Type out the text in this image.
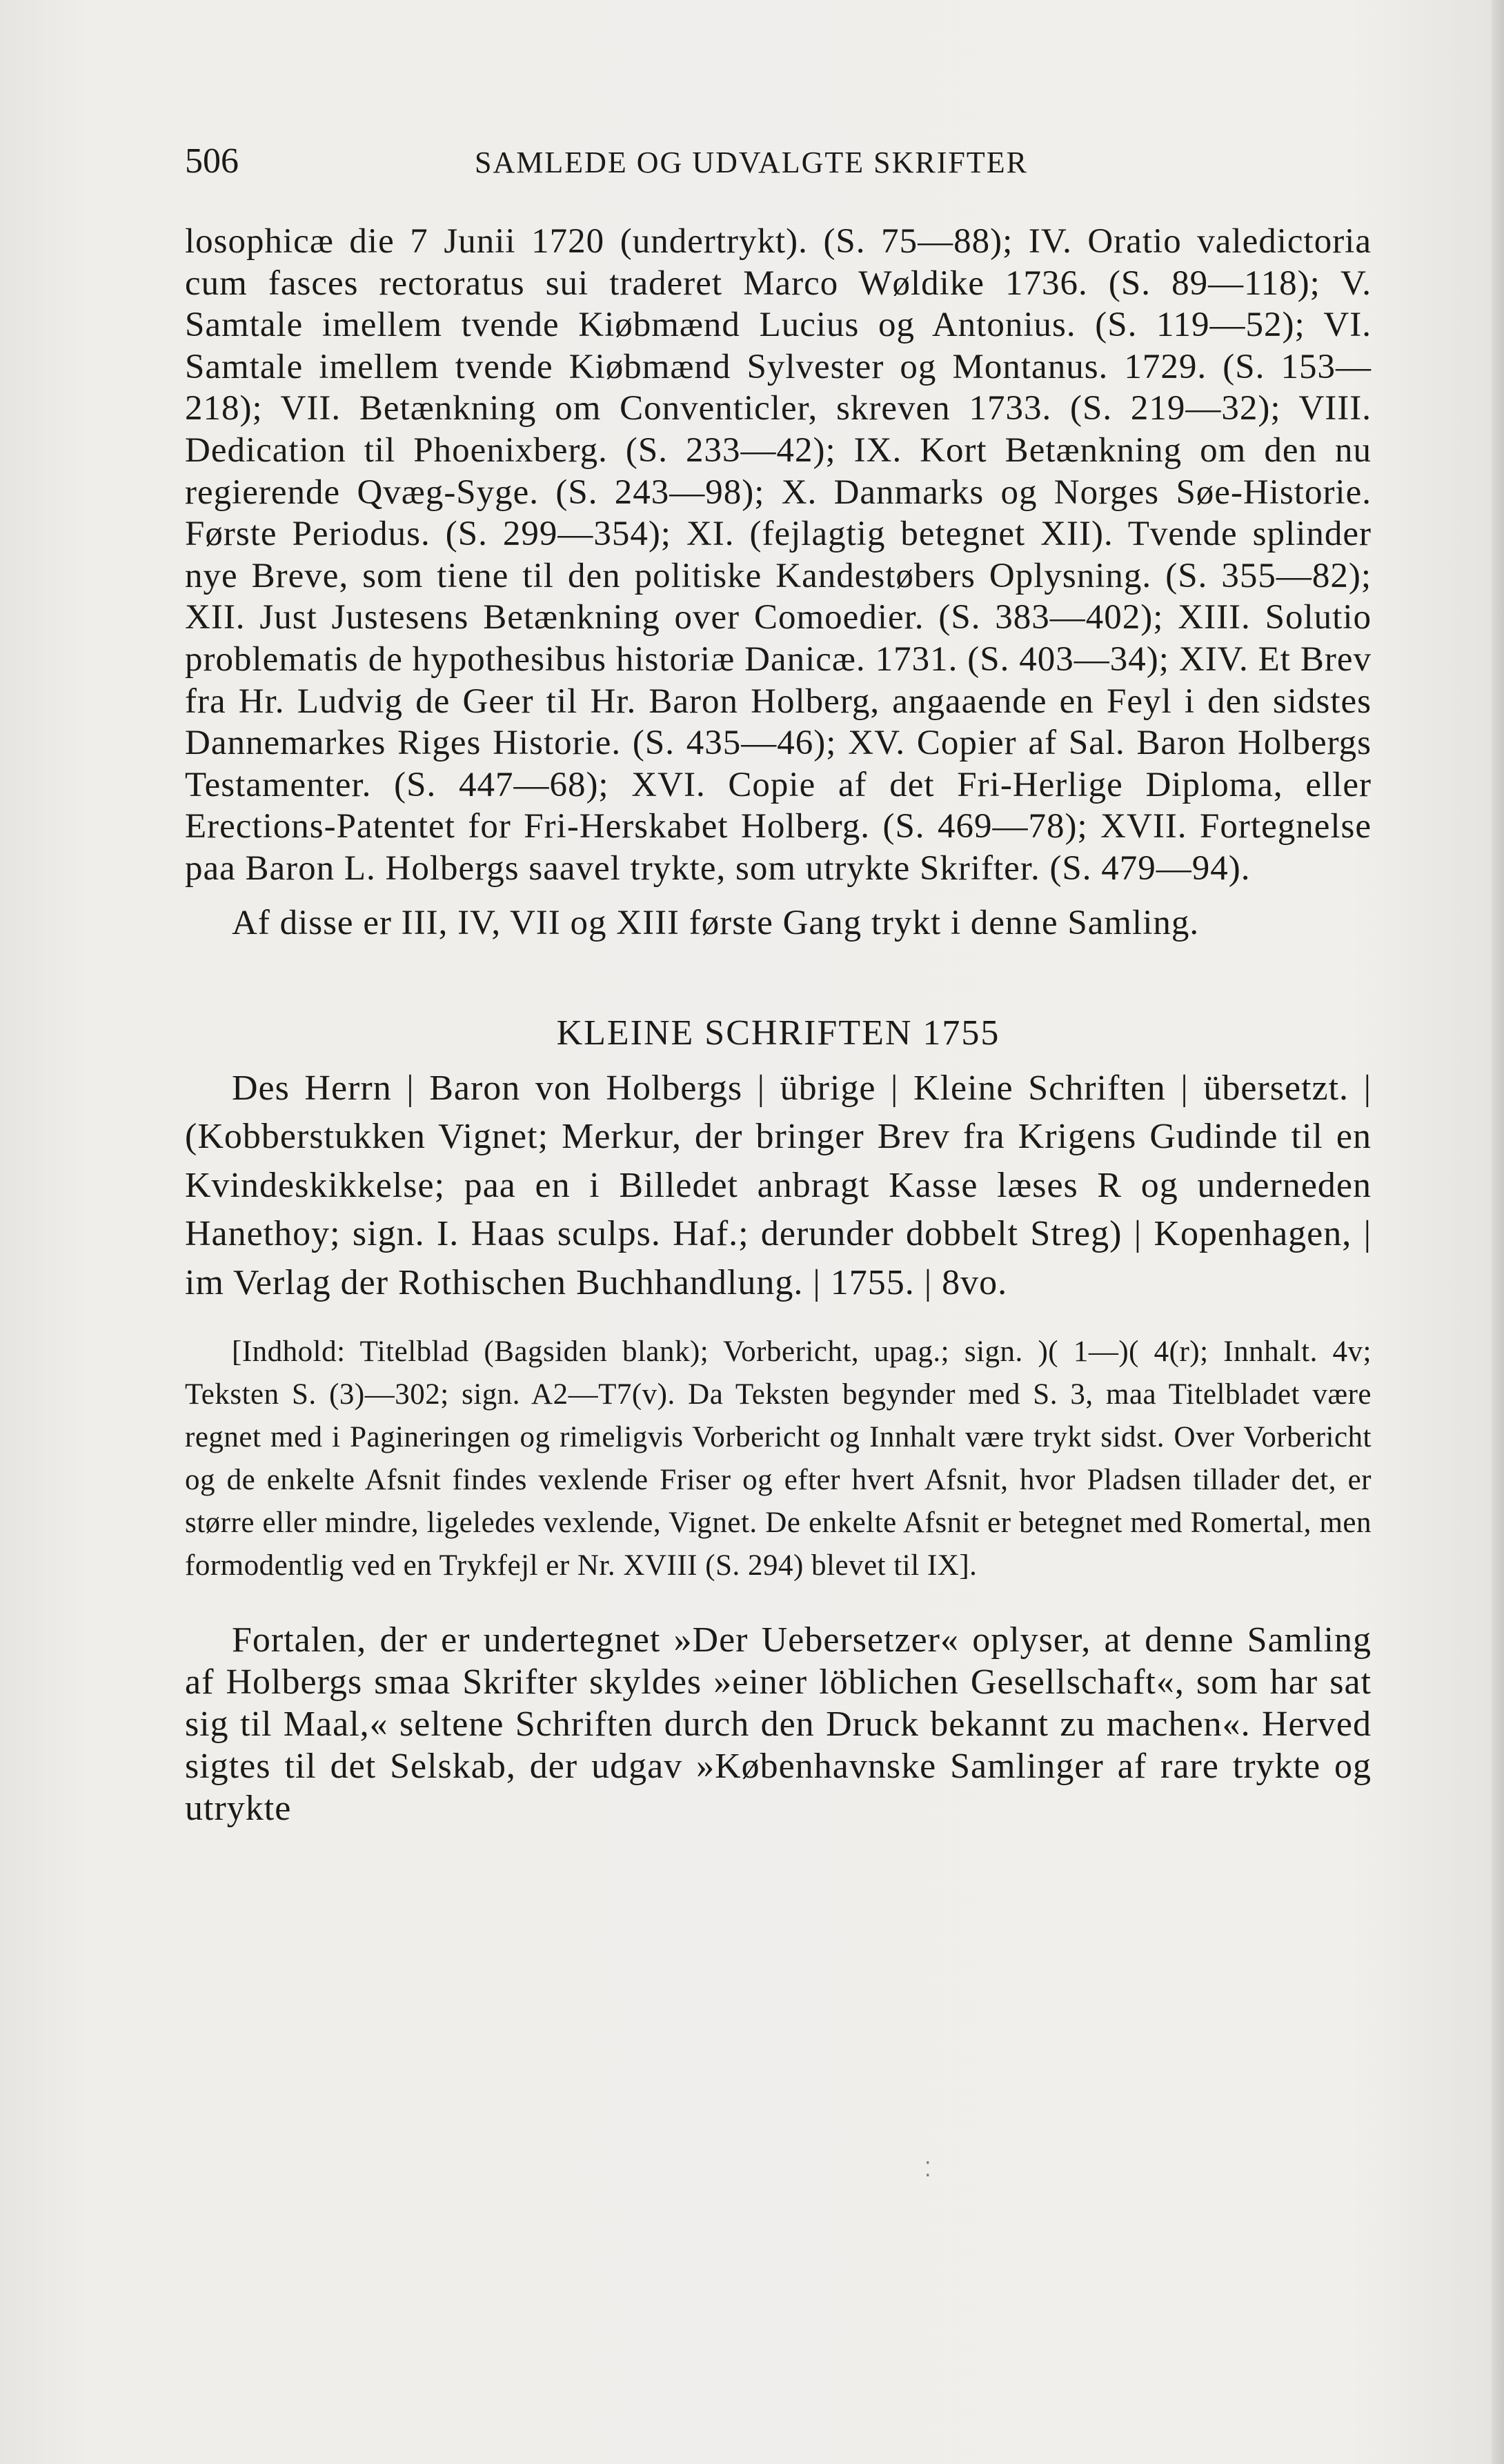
506	SAMLEDE OG UDVALGTE SKRIFTER

losophicæ die 7 Junii 1720 (undertrykt). (S. 75—88); IV. Oratio valedictoria cum fasces rectoratus sui traderet Marco Wøldike 1736. (S. 89—118); V. Samtale imellem tvende Kiøbmænd Lucius og Antonius. (S. 119—52); VI. Samtale imellem tvende Kiøbmænd Sylvester og Montanus. 1729. (S. 153—218); VII. Betænkning om Conventicler, skreven 1733. (S. 219—32); VIII. Dedication til Phoenixberg. (S. 233—42); IX. Kort Betænkning om den nu regierende Qvæg-Syge. (S. 243—98); X. Danmarks og Norges Søe-Historie. Første Periodus. (S. 299—354); XI. (fejlagtig betegnet XII). Tvende splinder nye Breve, som tiene til den politiske Kandestøbers Oplysning. (S. 355—82); XII. Just Justesens Betænkning over Comoedier. (S. 383—402); XIII. Solutio problematis de hypothesibus historiæ Danicæ. 1731. (S. 403—34); XIV. Et Brev fra Hr. Ludvig de Geer til Hr. Baron Holberg, angaaende en Feyl i den sidstes Dannemarkes Riges Historie. (S. 435—46); XV. Copier af Sal. Baron Holbergs Testamenter. (S. 447—68); XVI. Copie af det Fri-Herlige Diploma, eller Erections-Patentet for Fri-Herskabet Holberg. (S. 469—78); XVII. Fortegnelse paa Baron L. Holbergs saavel trykte, som utrykte Skrifter. (S. 479—94).

Af disse er III, IV, VII og XIII første Gang trykt i denne Samling.

KLEINE SCHRIFTEN 1755

Des Herrn | Baron von Holbergs | übrige | Kleine Schriften | übersetzt. | (Kobberstukken Vignet; Merkur, der bringer Brev fra Krigens Gudinde til en Kvindeskikkelse; paa en i Billedet anbragt Kasse læses R og underneden Hanethoy; sign. I. Haas sculps. Haf.; derunder dobbelt Streg) | Kopenhagen, | im Verlag der Rothischen Buchhandlung. | 1755. | 8vo.

[Indhold: Titelblad (Bagsiden blank); Vorbericht, upag.; sign. )( 1—)( 4(r); Innhalt. 4v; Teksten S. (3)—302; sign. A2—T7(v). Da Teksten begynder med S. 3, maa Titelbladet være regnet med i Pagineringen og rimeligvis Vorbericht og Innhalt være trykt sidst. Over Vorbericht og de enkelte Afsnit findes vexlende Friser og efter hvert Afsnit, hvor Pladsen tillader det, er større eller mindre, ligeledes vexlende, Vignet. De enkelte Afsnit er betegnet med Romertal, men formodentlig ved en Trykfejl er Nr. XVIII (S. 294) blevet til IX].

Fortalen, der er undertegnet »Der Uebersetzer« oplyser, at denne Samling af Holbergs smaa Skrifter skyldes »einer löblichen Gesellschaft«, som har sat sig til Maal,« seltene Schriften durch den Druck bekannt zu machen«. Herved sigtes til det Selskab, der udgav »Københavnske Samlinger af rare trykte og utrykte

⁚
